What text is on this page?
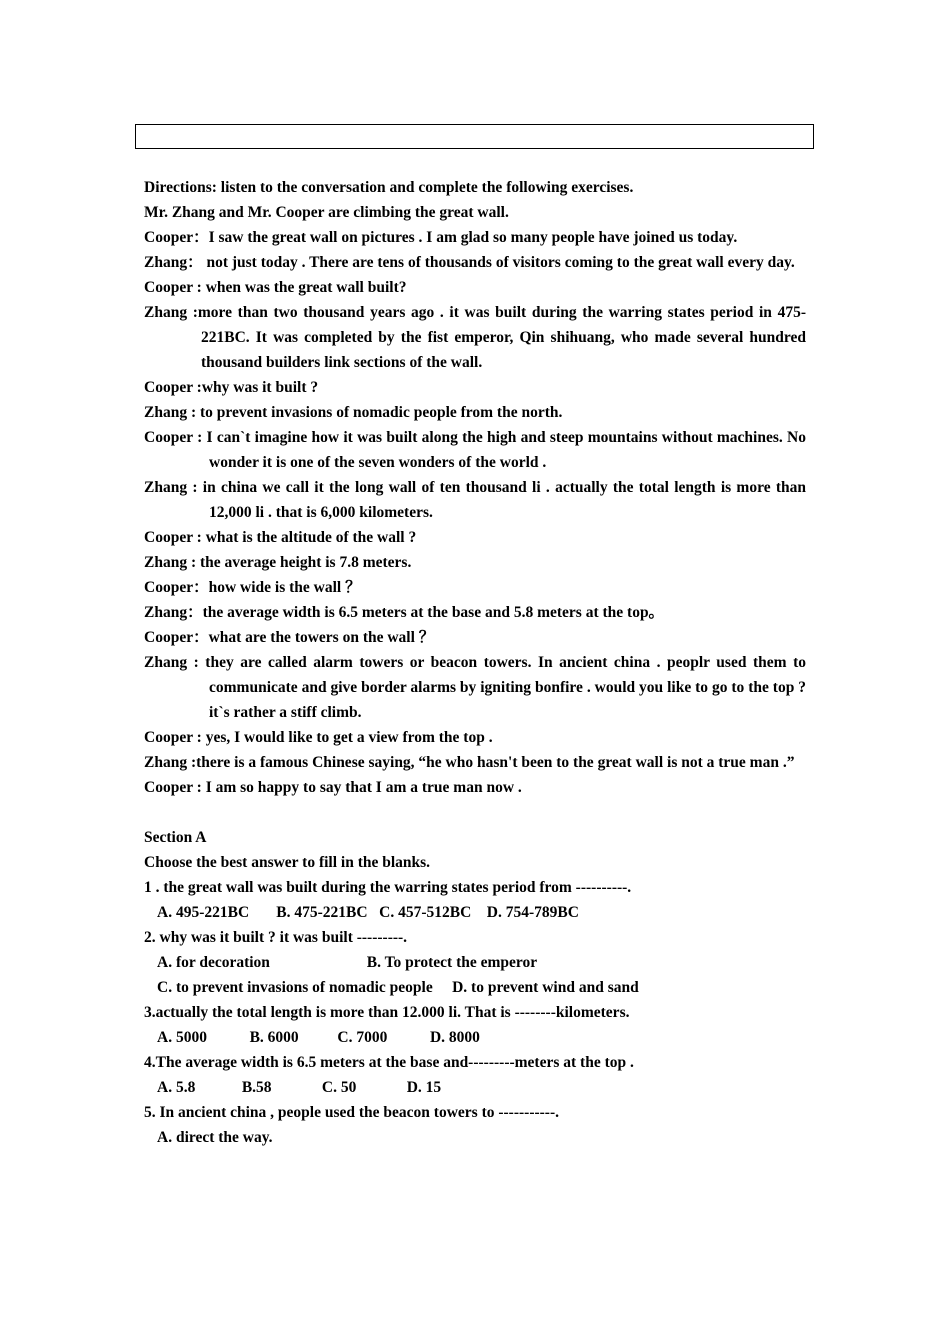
Directions: listen to the conversation and complete the following exercises.
Mr. Zhang and Mr. Cooper are climbing the great wall.
Cooper：I saw the great wall on pictures . I am glad so many people have joined us today.
Zhang： not just today . There are tens of thousands of visitors coming to the great wall every day.
Cooper : when was the great wall built?
Zhang :more than two thousand years ago . it was built during the warring states period in 475-221BC. It was completed by the fist emperor, Qin shihuang, who made several hundred thousand builders link sections of the wall.
Cooper :why was it built ?
Zhang : to prevent invasions of nomadic people from the north.
Cooper : I can`t imagine how it was built along the high and steep mountains without machines. No wonder it is one of the seven wonders of the world .
Zhang : in china we call it the long wall of ten thousand li . actually the total length is more than 12,000 li . that is 6,000 kilometers.
Cooper : what is the altitude of the wall ?
Zhang : the average height is 7.8 meters.
Cooper：how wide is the wall ？
Zhang：the average width is 6.5 meters at the base and 5.8 meters at the top。
Cooper：what are the towers on the wall ？
Zhang : they are called alarm towers or beacon towers. In ancient china . peoplr used them to communicate and give border alarms by igniting bonfire . would you like to go to the top ? it`s rather a stiff climb.
Cooper : yes, I would like to get a view from the top .
Zhang :there is a famous Chinese saying, “he who hasn't been to the great wall is not a true man .”
Cooper : I am so happy to say that I am a true man now .
Section A
Choose the best answer to fill in the blanks.
1 . the great wall was built during the warring states period from ----------.
A. 495-221BC       B. 475-221BC   C. 457-512BC    D. 754-789BC
2. why was it built ? it was built ---------.
A. for decoration                         B. To protect the emperor
C. to prevent invasions of nomadic people     D. to prevent wind and sand
3.actually the total length is more than 12.000 li. That is --------kilometers.
A. 5000           B. 6000          C. 7000           D. 8000
4.The average width is 6.5 meters at the base and---------meters at the top .
A. 5.8            B.58             C. 50             D. 15
5. In ancient china , people used the beacon towers to -----------.
A. direct the way.
